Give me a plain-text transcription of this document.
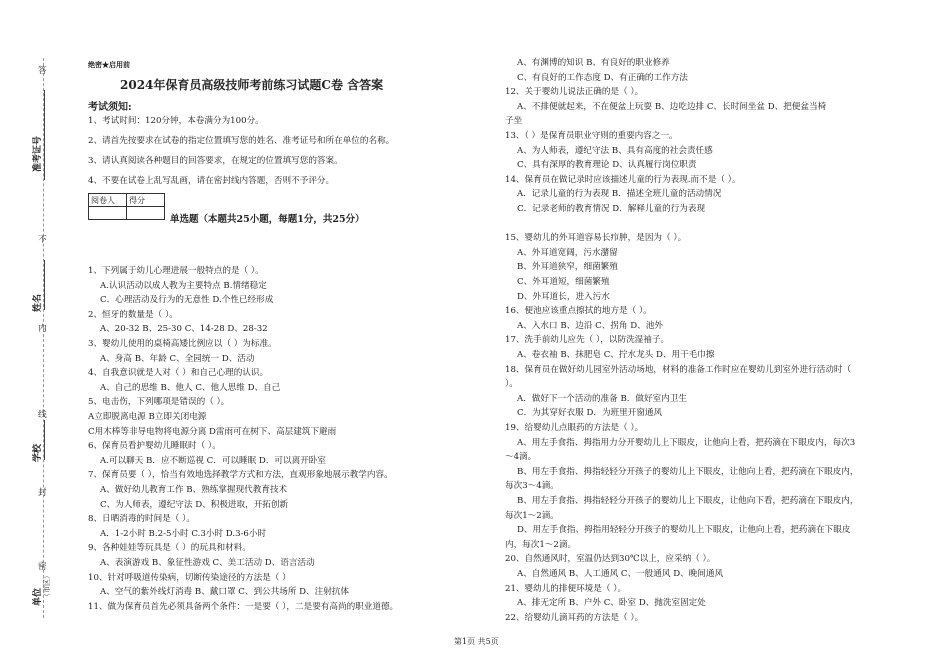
答
不
内
线
封
密
准考证号
姓名
学校
单位 （市区）
绝密★启用前
2024年保育员高级技师考前练习试题C卷 含答案
考试须知:
1、考试时间：120分钟，本卷满分为100分。
2、请首先按要求在试卷的指定位置填写您的姓名、准考证号和所在单位的名称。
3、请认真阅读各种题目的回答要求，在规定的位置填写您的答案。
4、不要在试卷上乱写乱画，请在密封线内答题，否则不予评分。
阅卷人	得分

单选题（本题共25小题，每题1分，共25分）
1、下列属于幼儿心理进展一般特点的是（ ）。
A.认识活动以成人教为主要特点 B.情绪稳定
C．心理活动及行为的无意性 D.个性已经形成
2、恒牙的数量是（ ）。
A、20-32 B、25-30 C、14-28 D、28-32
3、婴幼儿使用的桌椅高矮比例应以（ ）为标准。
A、身高 B、年龄 C、全园统一 D、活动
4、自我意识就是人对（ ）和自己心理的认识。
A、自己的思维 B、他人 C、他人思维 D、自己
5、电击伤，下列哪项是错误的（ ）。
A立即脱离电源 B立即关闭电源
C用木棒等非导电物将电源分离 D雷雨可在树下、高层建筑下避雨
6、保育员看护婴幼儿睡眠时（ ）。
A.可以聊天 B．应不断巡视 C．可以睡眠 D．可以离开卧室
7、保育员要（ ），恰当有效地选择教学方式和方法，直观形象地展示教学内容。
A、做好幼儿教育工作 B、熟练掌握现代教育技术
C、为人师表，遵纪守法 D、积极进取，开拓创新
8、日晒消毒的时间是（ ）。
A．1-2小时 B.2-5小时 C.3小时 D.3-6小时
9、各种娃娃等玩具是（ ）的玩具和材料。
A、表演游戏 B、象征性游戏 C、美工活动 D、语言活动
10、针对呼吸道传染病，切断传染途径的方法是（ ）
A、空气的紫外线灯消毒 B、戴口罩 C、到公共场所 D、注射抗体
11、做为保育员首先必须具备两个条件：一是要（ ），二是要有高尚的职业道德。
A、有渊博的知识 B、有良好的职业修养
C、有良好的工作态度 D、有正确的工作方法
12、关于婴幼儿说法正确的是（ ）。
A、不排便就起来，不在便盆上玩耍 B、边吃边排 C、长时间坐盆 D、把便盆当椅
子坐
13、（ ）是保育员职业守则的重要内容之一。
A、为人师表，遵纪守法 B、具有高度的社会责任感
C、具有深厚的教育理论 D、认真履行岗位职责
14、保育员在做记录时应该描述儿童的行为表现.而不是（ ）。
A．记录儿童的行为表现 B．描述全班儿童的活动情况
C．记录老师的教育情况 D．解释儿童的行为表现
15、婴幼儿的外耳道容易长疖肿，是因为（ ）。
A、外耳道宽阔，污水潴留
B、外耳道狭窄，细菌繁殖
C、外耳道短，细菌繁殖
D、外耳道长，进入污水
16、便池应该重点擦拭的地方是（ ）。
A、入水口 B、边沿 C、拐角 D、池外
17、洗手前幼儿应先（ ），以防洗湿袖子。
A、卷衣袖 B、抹肥皂 C、拧水龙头 D、用干毛巾擦
18、保育员在做好幼儿园室外活动场地，材料的准备工作时应在婴幼儿到室外进行活动时（
）。
A．做好下一个活动的准备 B．做好室内卫生
C．为其穿好衣服 D．为班里开窗通风
19、给婴幼儿点眼药的方法是（ ）。
A、用左手食指、拇指用力分开婴幼儿上下眼皮，让他向上看，把药滴在下眼皮内，每次3
～4滴。
B、用左手食指、拇指轻轻分开孩子的婴幼儿上下眼皮，让他向上看，把药滴在下眼皮内，
每次3～4滴。
B、用左手食指、拇指轻轻分开孩子的婴幼儿上下眼皮，让他向下看，把药滴在下眼皮内，
每次1～2滴。
D、用左手食指、拇指用轻轻分开孩子的婴幼儿上下眼皮，让他向上看，把药滴在下眼皮
内，每次1～2滴。
20、自然通风时，室温仍达到30℃以上，应采纳（ ）。
A、自然通风 B、人工通风 C、一般通风 D、晚间通风
21、婴幼儿的排便环境是（ ）。
A、排无定所 B、户外 C、卧室 D、抛洗室固定处
22、给婴幼儿滴耳药的方法是（ ）。
第1页 共5页
